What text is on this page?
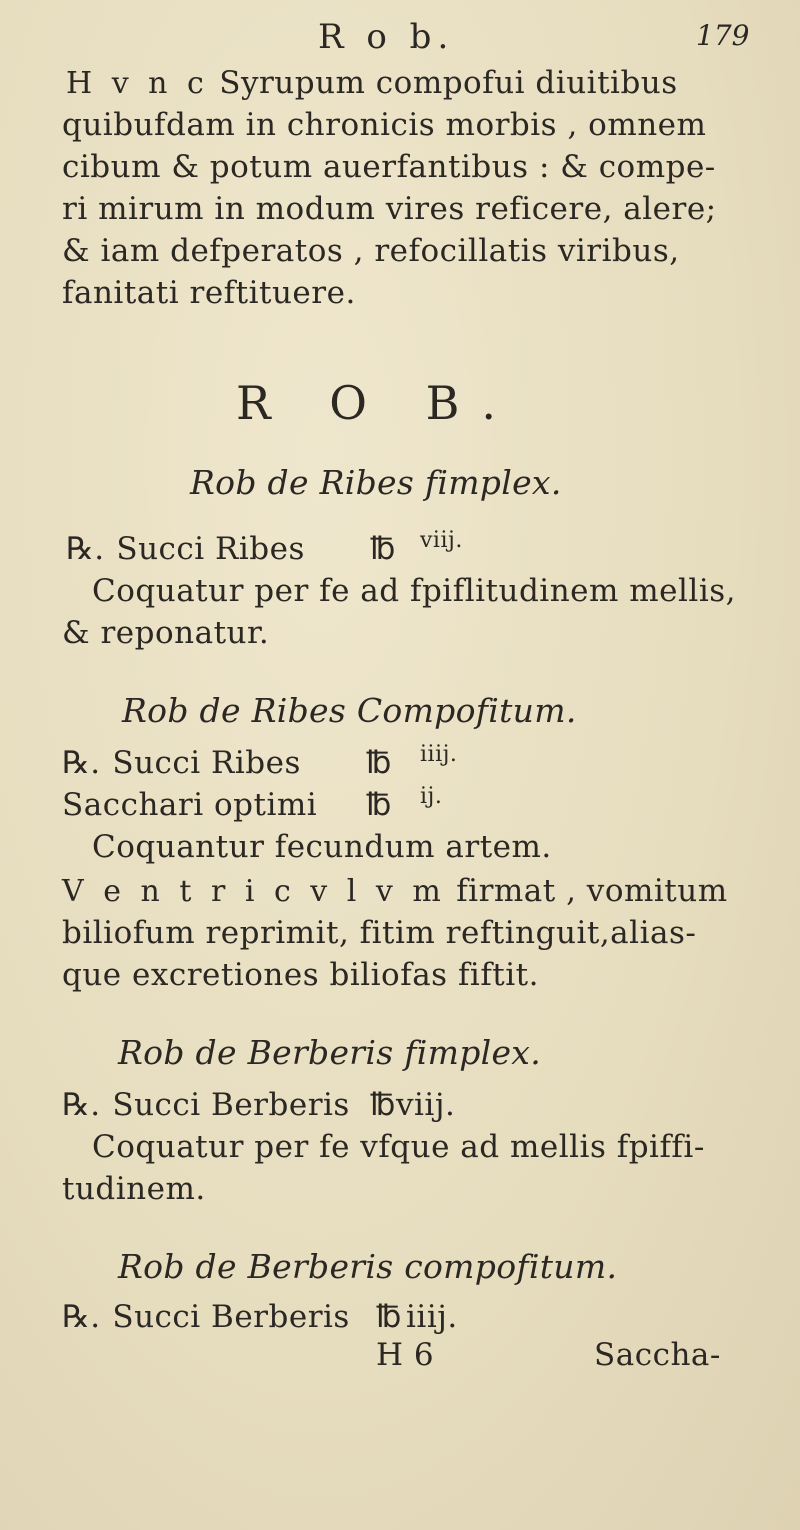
R o b.	179
H v n c Syrupum compofui diuitibus
quibufdam in chronicis morbis , omnem
cibum & potum auerfantibus : & compe-
ri mirum in modum vires reficere, alere;
& iam defperatos , refocillatis viribus,
fanitati reftituere.
R O B.
Rob de Ribes fimplex.
℞. Succi Ribes ℔ viij.
Coquatur per fe ad fpiflitudinem mellis,
& reponatur.
Rob de Ribes Compofitum.
℞. Succi Ribes ℔ iiij.
Sacchari optimi ℔ ij.
Coquantur fecundum artem.
V e n t r i c v l v m firmat , vomitum
biliofum reprimit, fitim reftinguit,alias-
que excretiones biliofas fiftit.
Rob de Berberis fimplex.
℞. Succi Berberis ℔ viij.
Coquatur per fe vfque ad mellis fpiffi-
tudinem.
Rob de Berberis compofitum.
℞. Succi Berberis ℔ iiij.
H 6	Saccha-
